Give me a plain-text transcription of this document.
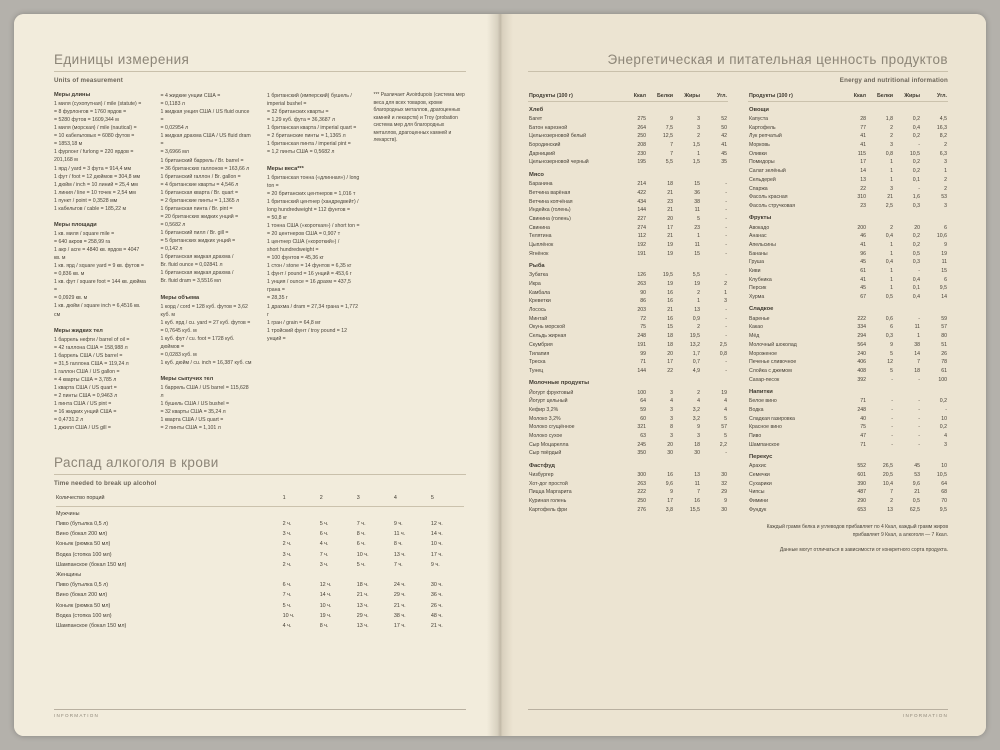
Единицы измерения
Units of measurement
Меры длины
1 миля (сухопутная) / mile (statute) =
= 8 фурлонгов = 1760 ярдов =
= 5280 футов = 1609,344 м
1 миля (морская) / mile (nautical) =
= 10 кабельтовых = 6080 футов =
= 1853,18 м
1 фурлонг / furlong = 220 ярдов = 201,168 м
1 ярд / yard = 3 фута = 914,4 мм
1 фут / foot = 12 дюймов = 304,8 мм
1 дюйм / inch = 10 линий = 25,4 мм
1 линия / line = 10 точек = 2,54 мм
1 пункт / point = 0,3528 мм
1 кабельтов / cable = 185,22 м
Меры площади
1 кв. миля / square mile =
= 640 акров = 258,99 га
1 акр / acre = 4840 кв. ярдов = 4047 кв. м
1 кв. ярд / square yard = 9 кв. футов =
= 0,836 кв. м
1 кв. фут / square foot = 144 кв. дюйма =
= 0,0929 кв. м
1 кв. дюйм / square inch = 6,4516 кв. см
Меры жидких тел
1 баррель нефти / barrel of oil =
= 42 галлона США = 158,988 л
1 баррель США / US barrel =
= 31,5 галлона США = 119,24 л
1 галлон США / US gallon =
= 4 кварты США = 3,785 л
1 кварта США / US quart =
= 2 пинты США = 0,9463 л
1 пинта США / US pint =
= 16 жидких унций США =
= 0,4731.2 л
1 джилл США / US gill =
= 4 жидкие унции США =
= 0,1183 л
1 жидкая унция США / US fluid ounce =
= 0,02954 л
1 жидкая драхма США / US fluid dram =
= 3,6966 мл
1 британский баррель / Br. barrel =
= 36 британских галлонов = 163,66 л
1 британский галлон / Br. gallon =
= 4 британские кварты = 4,546 л
1 британская кварта / Br. quart =
= 2 британские пинты = 1,1365 л
1 британская пинта / Br. pint =
= 20 британских жидких унций =
= 0,5682 л
1 британский пилл / Br. gill =
= 5 британских жидких унций =
= 0,142 л
1 британская жидкая драхма /
Br. fluid ounce = 0,02841 л
1 британская жидкая драхма /
Br. fluid dram = 3,5516 мл
Меры объема
1 корд / cord = 128 куб. футов = 3,62 куб. м
1 куб. ярд / cu. yard = 27 куб. футов =
= 0,7645 куб. м
1 куб. фут / cu. foot = 1728 куб. дюймов =
= 0,0283 куб. м
1 куб. дюйм / cu. inch = 16,387 куб. см
Меры сыпучих тел
1 баррель США / US barrel = 115,628 л
1 бушель США / US bushel =
= 32 кварты США = 35,24 л
1 кварта США / US quart =
= 2 пинты США = 1,101 л
1 британский (имперский) бушель /
imperial bushel =
= 32 британских кварты =
= 1,29 куб. фута = 36,3687 л
1 британская кварта / imperial quart =
= 2 британские пинты = 1,1365 л
1 британская пинта / imperial pint =
= 1,2 пинты США = 0,5682 л
Меры веса***
1 британская тонна («длинная») / long ton =
= 20 британских центнеров = 1,016 т
1 британский центнер (хандредвейт) /
long hundredweight = 112 фунтов =
= 50,8 кг
1 тонна США («короткая») / short ton =
= 20 центнеров США = 0,907 т
1 центнер США («короткий») /
short hundredweight =
= 100 фунтов = 45,36 кг
1 стон / stone = 14 фунтов = 6,35 кг
1 фунт / pound = 16 унций = 453,6 г
1 унция / ounce = 16 драхм = 437,5 грана =
= 28,35 г
1 драхма / dram = 27,34 грана = 1,772 г
1 гран / grain = 64,8 мг
1 тройский фунт / troy pound = 12 унций =
*** Различает Avoirdupois (система мер веса для всех товаров, кроме благородных металлов, драгоценных камней и лекарств) и Troy (probation система мер для благородных металлов, драгоценных камней и лекарств).
Распад алкоголя в крови
Time needed to break up alcohol
Количество порций	1	2	3	4	5

Мужчины					
Пиво (бутылка 0,5 л)	2 ч.	5 ч.	7 ч.	9 ч.	12 ч.
Вино (бокал 200 мл)	3 ч.	6 ч.	8 ч.	11 ч.	14 ч.
Коньяк (рюмка 50 мл)	2 ч.	4 ч.	6 ч.	8 ч.	10 ч.
Водка (стопка 100 мл)	3 ч.	7 ч.	10 ч.	13 ч.	17 ч.
Шампанское (бокал 150 мл)	2 ч.	3 ч.	5 ч.	7 ч.	9 ч.
Женщины					
Пиво (бутылка 0,5 л)	6 ч.	12 ч.	18 ч.	24 ч.	30 ч.
Вино (бокал 200 мл)	7 ч.	14 ч.	21 ч.	29 ч.	36 ч.
Коньяк (рюмка 50 мл)	5 ч.	10 ч.	13 ч.	21 ч.	26 ч.
Водка (стопка 100 мл)	10 ч.	19 ч.	29 ч.	38 ч.	48 ч.
Шампанское (бокал 150 мл)	4 ч.	8 ч.	13 ч.	17 ч.	21 ч.
INFORMATION
Энергетическая и питательная ценность продуктов
Energy and nutritional information
Продукты (100 г)	Ккал	Белки	Жиры	Угл.

Хлеб				
Багет	275	9	3	52
Батон нарезной	264	7,5	3	50
Цельнозерновой белый	250	12,5	2	42
Бородинский	208	7	1,5	41
Дарницкий	230	7	1	45
Цельнозерновой черный	195	5,5	1,5	35
Мясо				
Баранина	214	18	15	-
Ветчина варёная	422	21	36	-
Ветчина копчёная	434	23	38	-
Индейка (голень)	144	21	11	-
Свинина (голень)	227	20	5	-
Свинина	274	17	23	-
Телятина	112	21	1	-
Цыплёнок	192	19	11	-
Ягнёнок	191	19	15	-
Рыба				
Зубатка	126	19,5	5,5	-
Икра	263	19	19	2
Камбала	90	16	2	1
Креветки	86	16	1	3
Лосось	203	21	13	-
Минтай	72	16	0,9	-
Окунь морской	75	15	2	-
Сельдь жирная	248	18	19,5	-
Скумбрия	191	18	13,2	2,5
Тилапия	99	20	1,7	0,8
Треска	71	17	0,7	-
Тунец	144	22	4,9	-
Молочные продукты				
Йогурт фруктовый	100	3	2	19
Йогурт цельный	64	4	4	4
Кефир 3,2%	59	3	3,2	4
Молоко 3,2%	60	3	3,2	5
Молоко сгущённое	321	8	9	57
Молоко сухое	63	3	3	5
Сыр Моцарелла	245	20	18	2,2
Сыр твёрдый	350	30	30	-
Фастфуд				
Чизбургер	300	16	13	30
Хот-дог простой	263	9,6	11	32
Пицца Маргарита	222	9	7	29
Куриная голень	250	17	16	9
Картофель фри	276	3,8	15,5	30
Продукты (100 г)	Ккал	Белки	Жиры	Угл.

Овощи				
Капуста	28	1,8	0,2	4,5
Картофель	77	2	0,4	16,3
Лук репчатый	41	2	0,2	8,2
Морковь	41	3	-	2
Оливки	115	0,8	10,5	6,3
Помидоры	17	1	0,2	3
Салат зелёный	14	1	0,2	1
Сельдерей	13	1	0,1	2
Спаржа	22	3	-	2
Фасоль красная	310	21	1,6	53
Фасоль стручковая	23	2,5	0,3	3
Фрукты				
Авокадо	200	2	20	6
Ананас	46	0,4	0,2	10,6
Апельсины	41	1	0,2	9
Бананы	96	1	0,5	19
Груша	45	0,4	0,3	11
Киви	61	1	-	15
Клубника	41	1	0,4	6
Персик	45	1	0,1	9,5
Хурма	67	0,5	0,4	14
Сладкое				
Варенье	222	0,6	-	59
Какао	334	6	11	57
Мёд	294	0,3	1	80
Молочный шоколад	564	9	38	51
Мороженое	240	5	14	26
Печенье сливочное	406	12	7	78
Слойка с джемом	408	5	18	61
Сахар-песок	392	-	-	100
Напитки				
Белое вино	71	-	-	0,2
Водка	248	-	-	-
Сладкая газировка	40	-	-	10
Красное вино	75	-	-	0,2
Пиво	47	-	-	4
Шампанское	71	-	-	3
Перекус				
Арахис	552	26,5	45	10
Семечки	601	20,5	53	10,5
Сухарики	390	10,4	9,6	64
Чипсы	487	7	21	68
Фимини	290	2	0,5	70
Фундук	653	13	62,5	9,5
Каждый грамм белка и углеводов прибавляет по 4 Ккал, каждый грамм жиров прибавляет 9 Ккал, а алкоголя — 7 Ккал.
Данные могут отличаться в зависимости от конкретного сорта продукта.
INFORMATION
